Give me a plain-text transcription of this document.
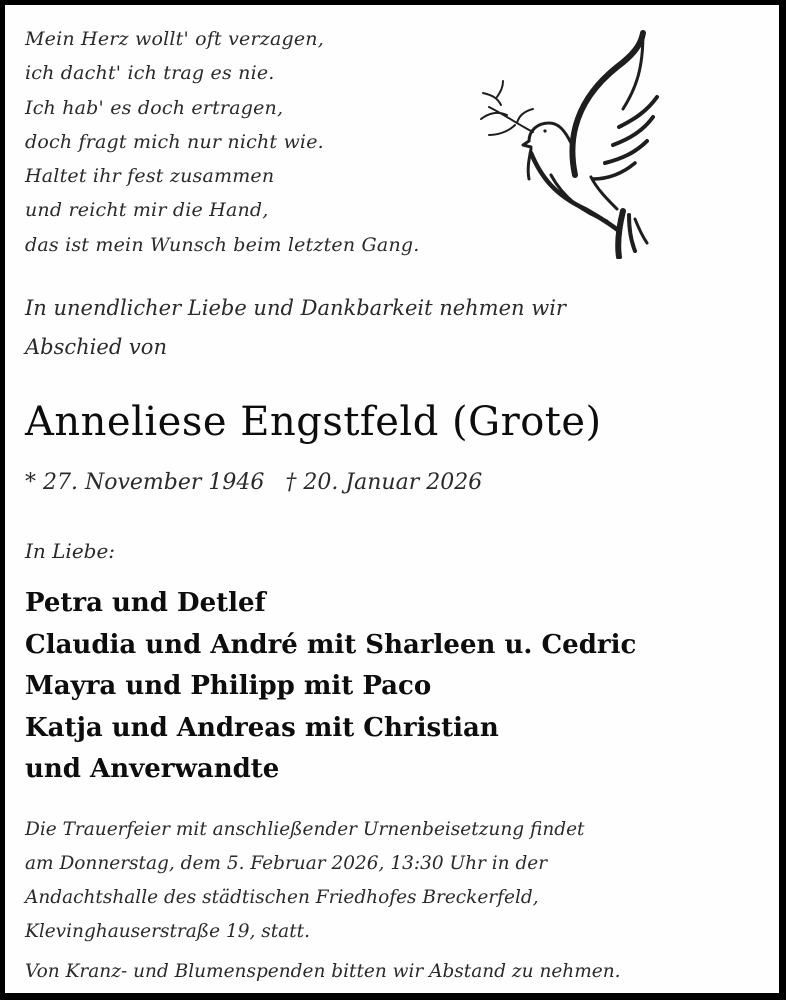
Mein Herz wollt' oft verzagen,
ich dacht' ich trag es nie.
Ich hab' es doch ertragen,
doch fragt mich nur nicht wie.
Haltet ihr fest zusammen
und reicht mir die Hand,
das ist mein Wunsch beim letzten Gang.
In unendlicher Liebe und Dankbarkeit nehmen wir
Abschied von
Anneliese Engstfeld (Grote)
* 27. November 1946   † 20. Januar 2026
In Liebe:
Petra und Detlef
Claudia und André mit Sharleen u. Cedric
Mayra und Philipp mit Paco
Katja und Andreas mit Christian
und Anverwandte
Die Trauerfeier mit anschließender Urnenbeisetzung findet
am Donnerstag, dem 5. Februar 2026, 13:30 Uhr in der
Andachtshalle des städtischen Friedhofes Breckerfeld,
Klevinghauserstraße 19, statt.
Von Kranz- und Blumenspenden bitten wir Abstand zu nehmen.
